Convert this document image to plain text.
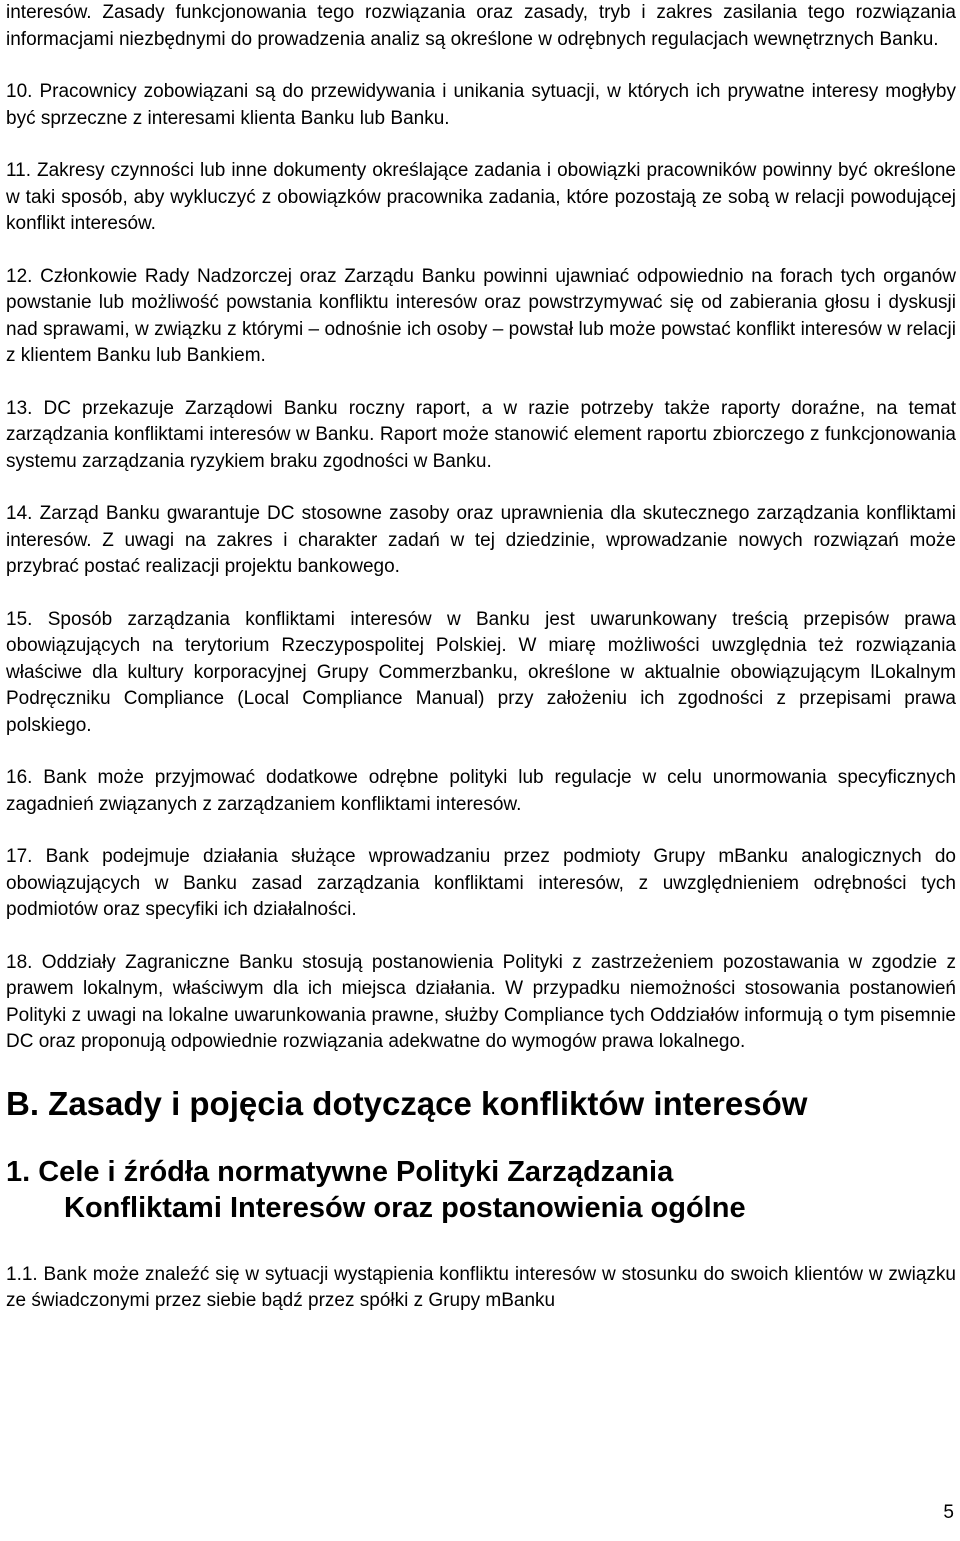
interesów. Zasady funkcjonowania tego rozwiązania oraz zasady, tryb i zakres zasilania tego rozwiązania informacjami niezbędnymi do prowadzenia analiz są określone w odrębnych regulacjach wewnętrznych Banku.

10. Pracownicy zobowiązani są do przewidywania i unikania sytuacji, w których ich prywatne interesy mogłyby być sprzeczne z interesami klienta Banku lub Banku.

11. Zakresy czynności lub inne dokumenty określające zadania i obowiązki pracowników powinny być określone w taki sposób, aby wykluczyć z obowiązków pracownika zadania, które pozostają ze sobą w relacji powodującej konflikt interesów.

12. Członkowie Rady Nadzorczej oraz Zarządu Banku powinni ujawniać odpowiednio na forach tych organów powstanie lub możliwość powstania konfliktu interesów oraz powstrzymywać się od zabierania głosu i dyskusji nad sprawami, w związku z którymi – odnośnie ich osoby – powstał lub może powstać konflikt interesów w relacji z klientem Banku lub Bankiem.

13. DC przekazuje Zarządowi Banku roczny raport, a w razie potrzeby także raporty doraźne, na temat zarządzania konfliktami interesów w Banku. Raport może stanowić element raportu zbiorczego z funkcjonowania systemu zarządzania ryzykiem braku zgodności w Banku.

14. Zarząd Banku gwarantuje DC stosowne zasoby oraz uprawnienia dla skutecznego zarządzania konfliktami interesów. Z uwagi na zakres i charakter zadań w tej dziedzinie, wprowadzanie nowych rozwiązań może przybrać postać realizacji projektu bankowego.

15. Sposób zarządzania konfliktami interesów w Banku jest uwarunkowany treścią przepisów prawa obowiązujących na terytorium Rzeczypospolitej Polskiej. W miarę możliwości uwzględnia też rozwiązania właściwe dla kultury korporacyjnej Grupy Commerzbanku, określone w aktualnie obowiązującym lLokalnym Podręczniku Compliance (Local Compliance Manual) przy założeniu ich zgodności z przepisami prawa polskiego.

16. Bank może przyjmować dodatkowe odrębne polityki lub regulacje w celu unormowania specyficznych zagadnień związanych z zarządzaniem konfliktami interesów.

17. Bank podejmuje działania służące wprowadzaniu przez podmioty Grupy mBanku analogicznych do obowiązujących w Banku zasad zarządzania konfliktami interesów, z uwzględnieniem odrębności tych podmiotów oraz specyfiki ich działalności.

18. Oddziały Zagraniczne Banku stosują postanowienia Polityki z zastrzeżeniem pozostawania w zgodzie z prawem lokalnym, właściwym dla ich miejsca działania. W przypadku niemożności stosowania postanowień Polityki z uwagi na lokalne uwarunkowania prawne, służby Compliance tych Oddziałów informują o tym pisemnie DC oraz proponują odpowiednie rozwiązania adekwatne do wymogów prawa lokalnego.

B. Zasady i pojęcia dotyczące konfliktów interesów
1. Cele i źródła normatywne Polityki Zarządzania
Konfliktami Interesów oraz postanowienia ogólne

1.1. Bank może znaleźć się w sytuacji wystąpienia konfliktu interesów w stosunku do swoich klientów w związku ze świadczonymi przez siebie bądź przez spółki z Grupy mBanku

5
